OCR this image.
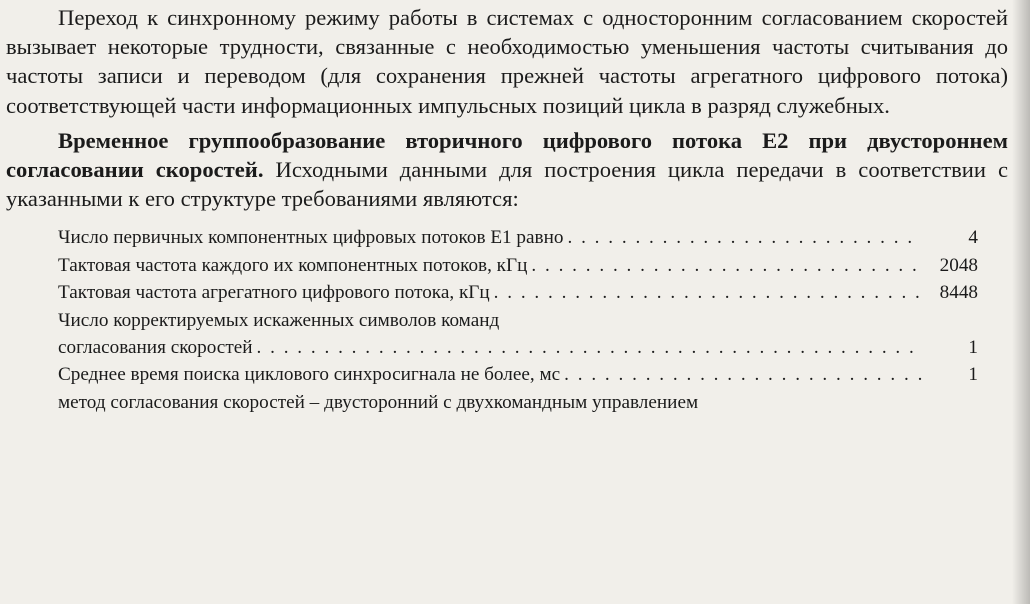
Переход к синхронному режиму работы в системах с односторонним согласованием скоростей вызывает некоторые трудности, связанные с необходимостью уменьшения частоты считывания до частоты записи и переводом (для сохранения прежней частоты агрегатного цифрового потока) соответствующей части информационных импульсных позиций цикла в разряд служебных.

Временное группообразование вторичного цифрового потока Е2 при двустороннем согласовании скоростей. Исходными данными для построения цикла передачи в соответствии с указанными к его структуре требованиями являются:

Число первичных компонентных цифровых потоков Е1 равно . . .	4
Тактовая частота каждого их компонентных потоков, кГц . . .	2048
Тактовая частота агрегатного цифрового потока, кГц . . .	8448
Число корректируемых искаженных символов команд
согласования скоростей . . .	1
Среднее время поиска циклового синхросигнала не более, мс . . .	1
метод согласования скоростей – двусторонний с двухкомандным управлением
